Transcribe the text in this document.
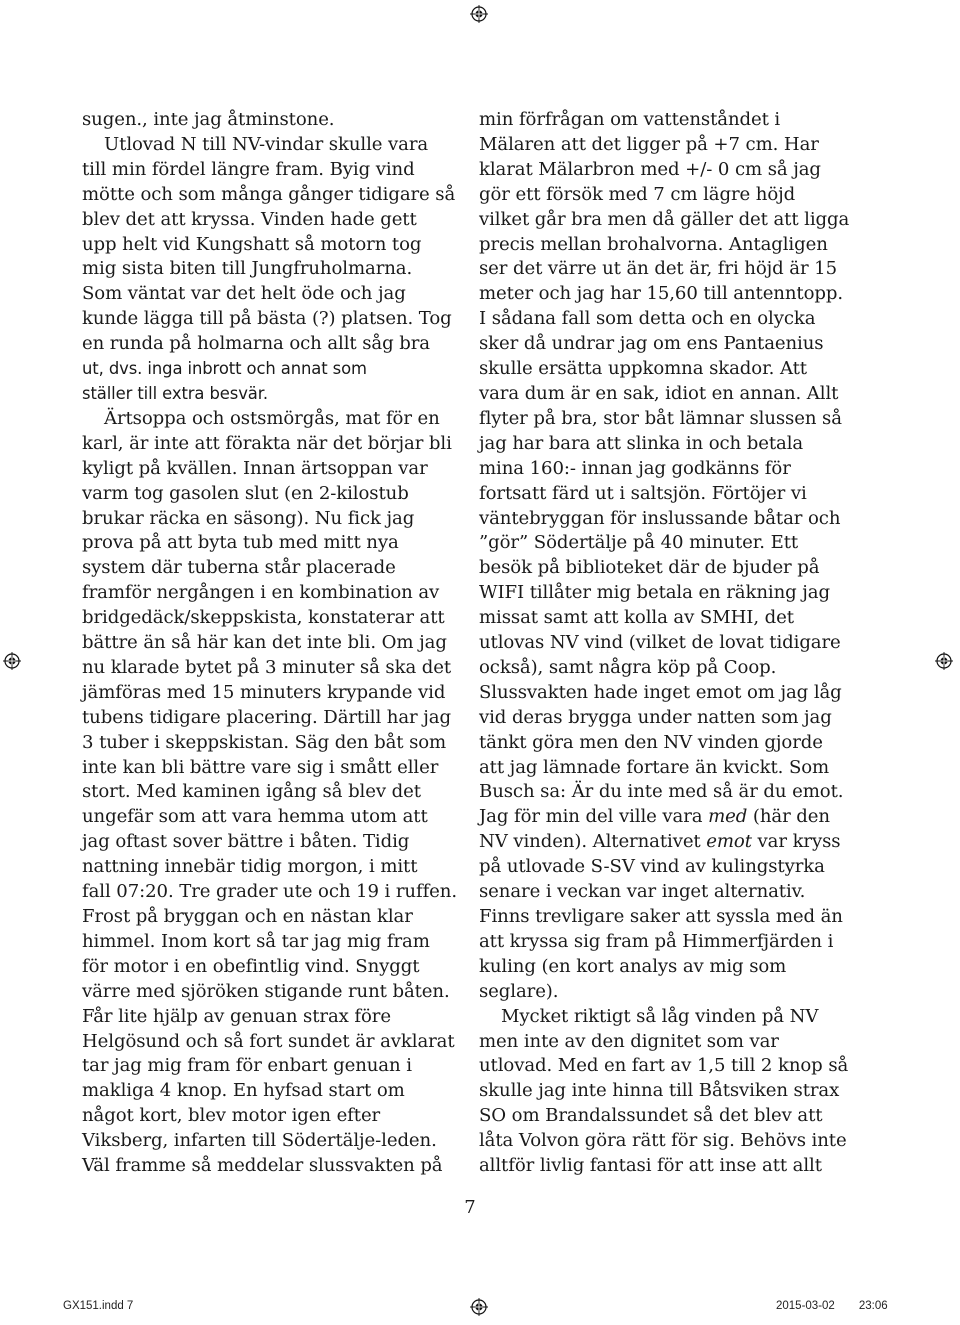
sugen., inte jag åtminstone.
Utlovad N till NV-vindar skulle vara
till min fördel längre fram. Byig vind
mötte och som många gånger tidigare så
blev det att kryssa. Vinden hade gett
upp helt vid Kungshatt så motorn tog
mig sista biten till Jungfruholmarna.
Som väntat var det helt öde och jag
kunde lägga till på bästa (?) platsen. Tog
en runda på holmarna och allt såg bra
ut, dvs. inga inbrott och annat som
ställer till extra besvär.
Ärtsoppa och ostsmörgås, mat för en
karl, är inte att förakta när det börjar bli
kyligt på kvällen. Innan ärtsoppan var
varm tog gasolen slut (en 2-kilostub
brukar räcka en säsong). Nu fick jag
prova på att byta tub med mitt nya
system där tuberna står placerade
framför nergången i en kombination av
bridgedäck/skeppskista, konstaterar att
bättre än så här kan det inte bli. Om jag
nu klarade bytet på 3 minuter så ska det
jämföras med 15 minuters krypande vid
tubens tidigare placering. Därtill har jag
3 tuber i skeppskistan. Säg den båt som
inte kan bli bättre vare sig i smått eller
stort. Med kaminen igång så blev det
ungefär som att vara hemma utom att
jag oftast sover bättre i båten. Tidig
nattning innebär tidig morgon, i mitt
fall 07:20. Tre grader ute och 19 i ruffen.
Frost på bryggan och en nästan klar
himmel. Inom kort så tar jag mig fram
för motor i en obefintlig vind. Snyggt
värre med sjöröken stigande runt båten.
Får lite hjälp av genuan strax före
Helgösund och så fort sundet är avklarat
tar jag mig fram för enbart genuan i
makliga 4 knop. En hyfsad start om
något kort, blev motor igen efter
Viksberg, infarten till Södertälje-leden.
Väl framme så meddelar slussvakten på
min förfrågan om vattenståndet i
Mälaren att det ligger på +7 cm. Har
klarat Mälarbron med +/- 0 cm så jag
gör ett försök med 7 cm lägre höjd
vilket går bra men då gäller det att ligga
precis mellan brohalvorna. Antagligen
ser det värre ut än det är, fri höjd är 15
meter och jag har 15,60 till antenntopp.
I sådana fall som detta och en olycka
sker då undrar jag om ens Pantaenius
skulle ersätta uppkomna skador. Att
vara dum är en sak, idiot en annan. Allt
flyter på bra, stor båt lämnar slussen så
jag har bara att slinka in och betala
mina 160:- innan jag godkänns för
fortsatt färd ut i saltsjön. Förtöjer vi
väntebryggan för inslussande båtar och
”gör” Södertälje på 40 minuter. Ett
besök på biblioteket där de bjuder på
WIFI tillåter mig betala en räkning jag
missat samt att kolla av SMHI, det
utlovas NV vind (vilket de lovat tidigare
också), samt några köp på Coop.
Slussvakten hade inget emot om jag låg
vid deras brygga under natten som jag
tänkt göra men den NV vinden gjorde
att jag lämnade fortare än kvickt. Som
Busch sa: Är du inte med så är du emot.
Jag för min del ville vara med (här den
NV vinden). Alternativet emot var kryss
på utlovade S-SV vind av kulingstyrka
senare i veckan var inget alternativ.
Finns trevligare saker att syssla med än
att kryssa sig fram på Himmerfjärden i
kuling (en kort analys av mig som
seglare).
Mycket riktigt så låg vinden på NV
men inte av den dignitet som var
utlovad. Med en fart av 1,5 till 2 knop så
skulle jag inte hinna till Båtsviken strax
SO om Brandalssundet så det blev att
låta Volvon göra rätt för sig. Behövs inte
alltför livlig fantasi för att inse att allt
7
GX151.indd 7	2015-03-02 23:06
